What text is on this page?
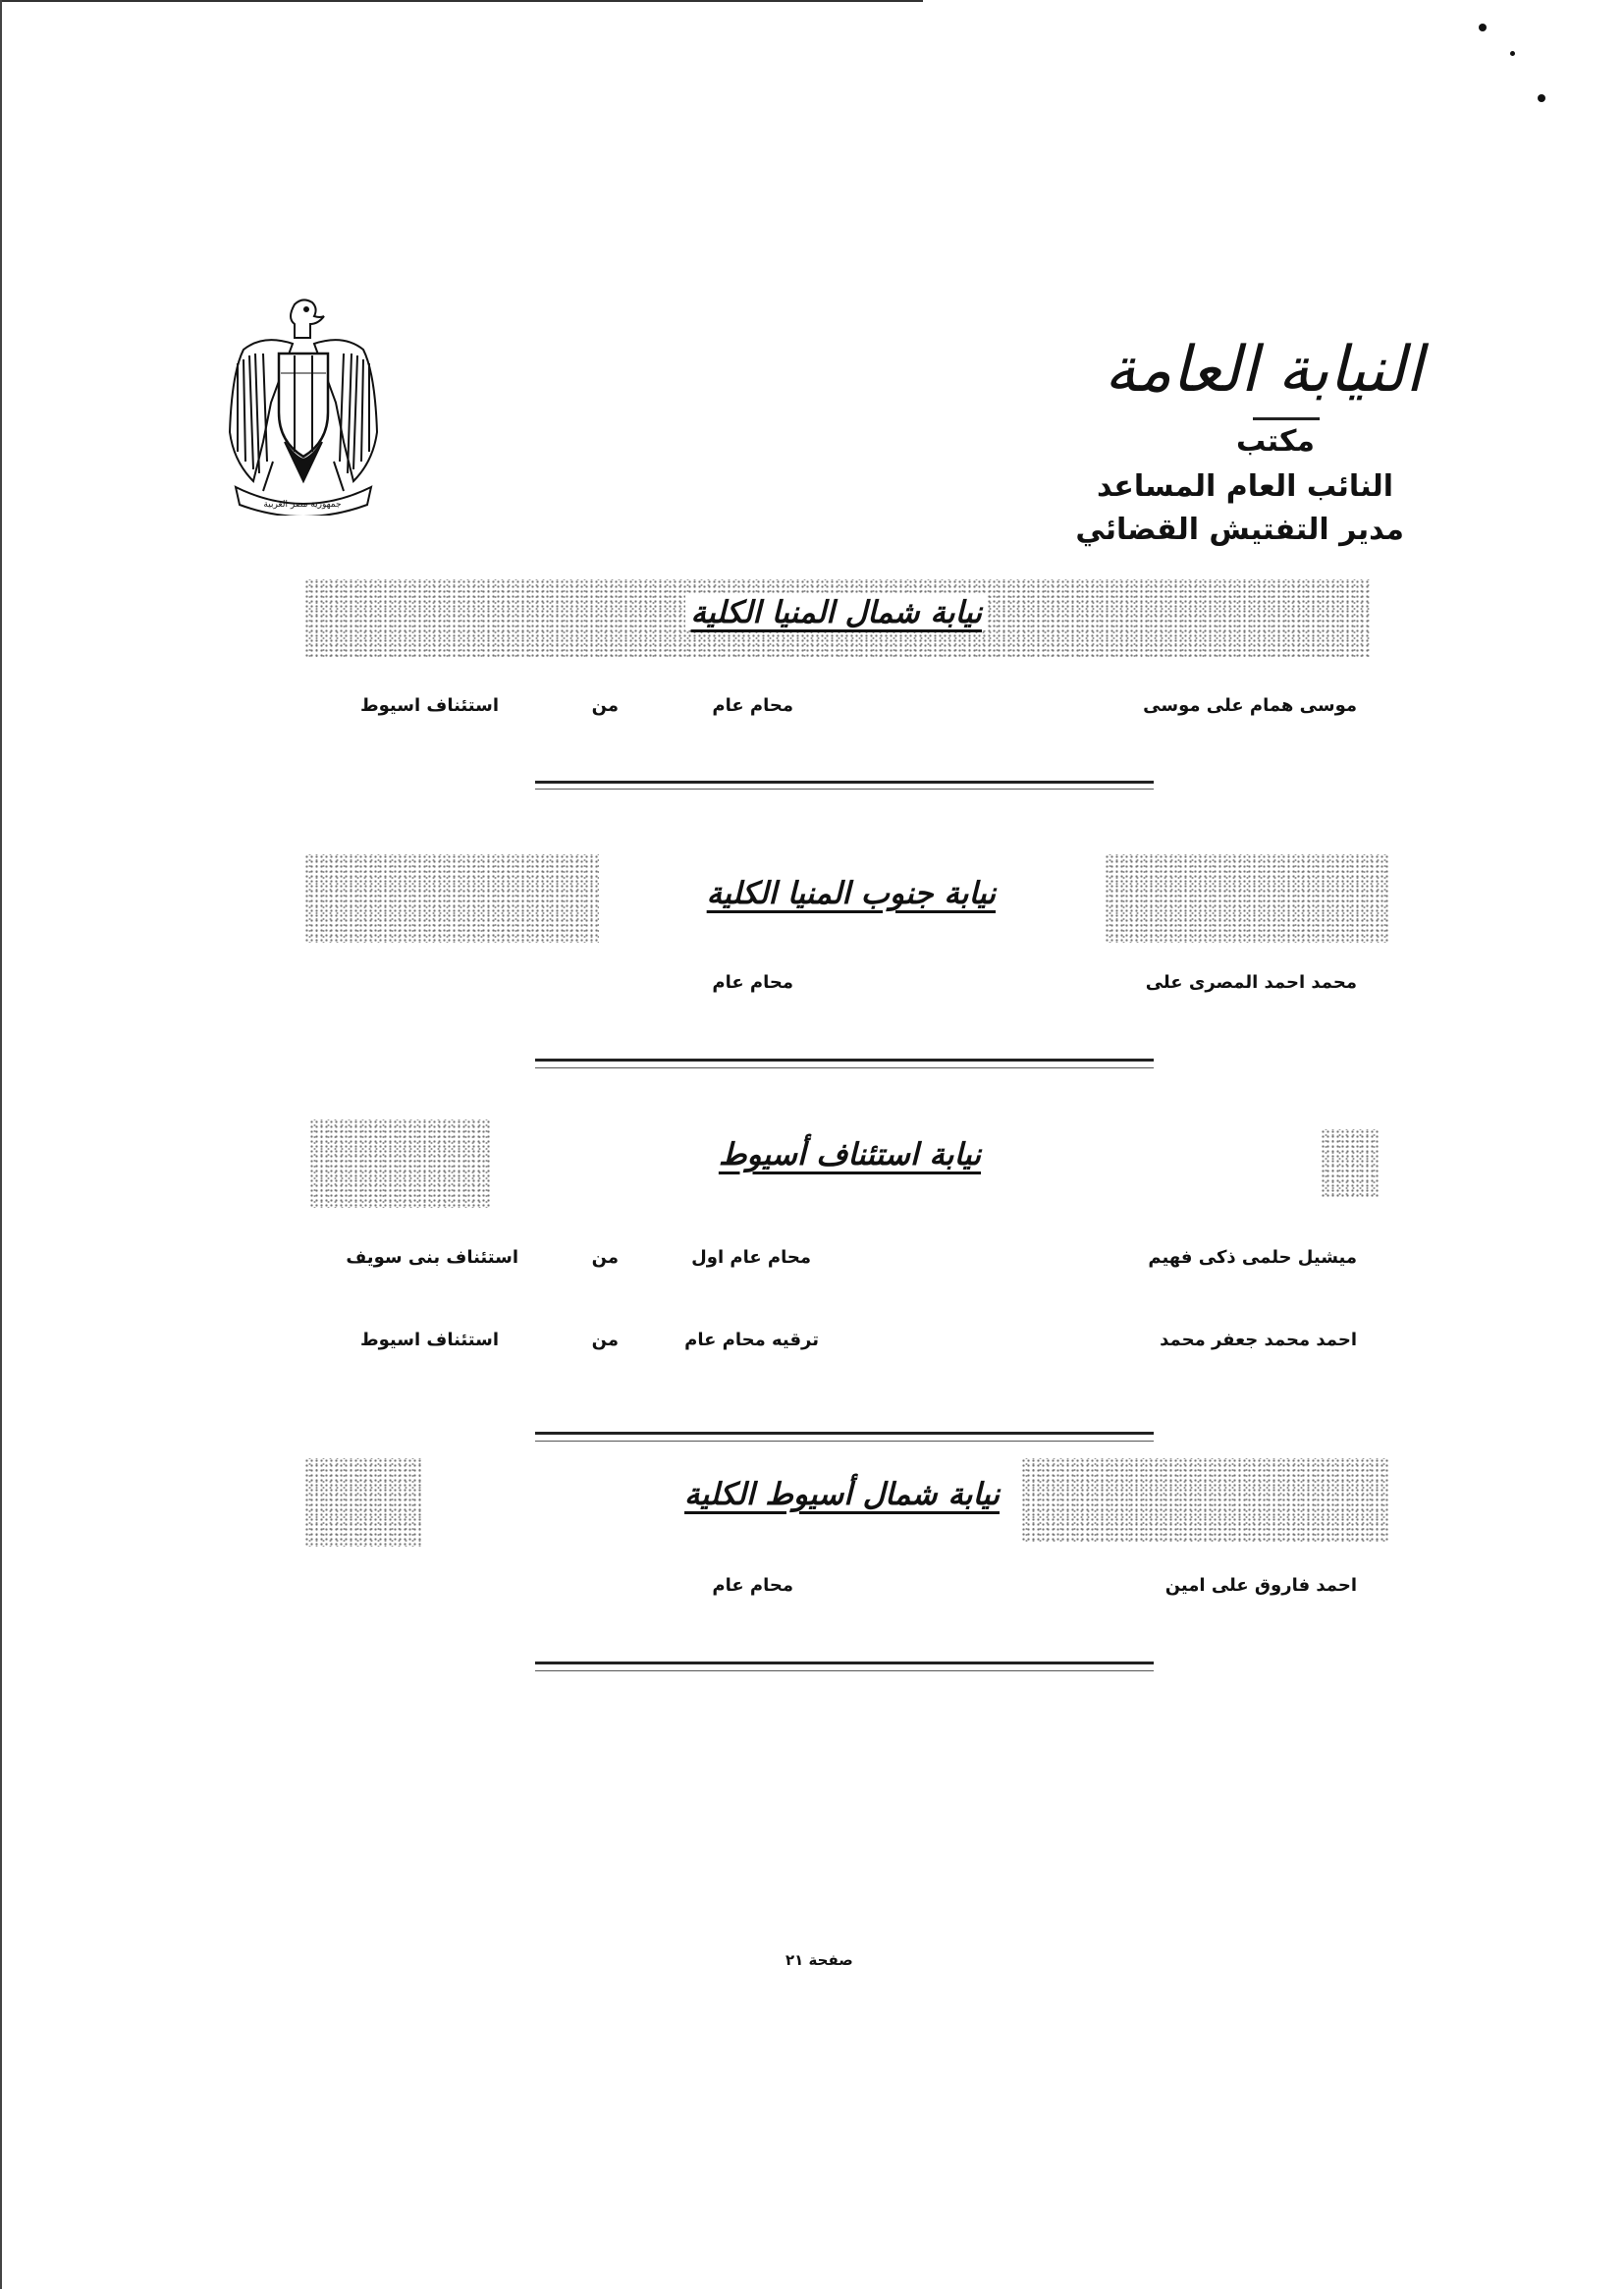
النيابة العامة
مكتب
النائب العام المساعد
مدير التفتيش القضائي
جمهورية مصر العربية
نيابة شمال المنيا الكلية
موسى همام على موسى
محام عام
من
استئناف اسيوط
نيابة جنوب المنيا الكلية
محمد احمد المصرى على
محام عام
نيابة استئناف أسيوط
ميشيل حلمى ذكى فهيم
محام عام اول
من
استئناف بنى سويف
احمد محمد جعفر محمد
ترقيه محام عام
من
استئناف اسيوط
نيابة شمال أسيوط الكلية
احمد فاروق على امين
محام عام
صفحة ٢١
